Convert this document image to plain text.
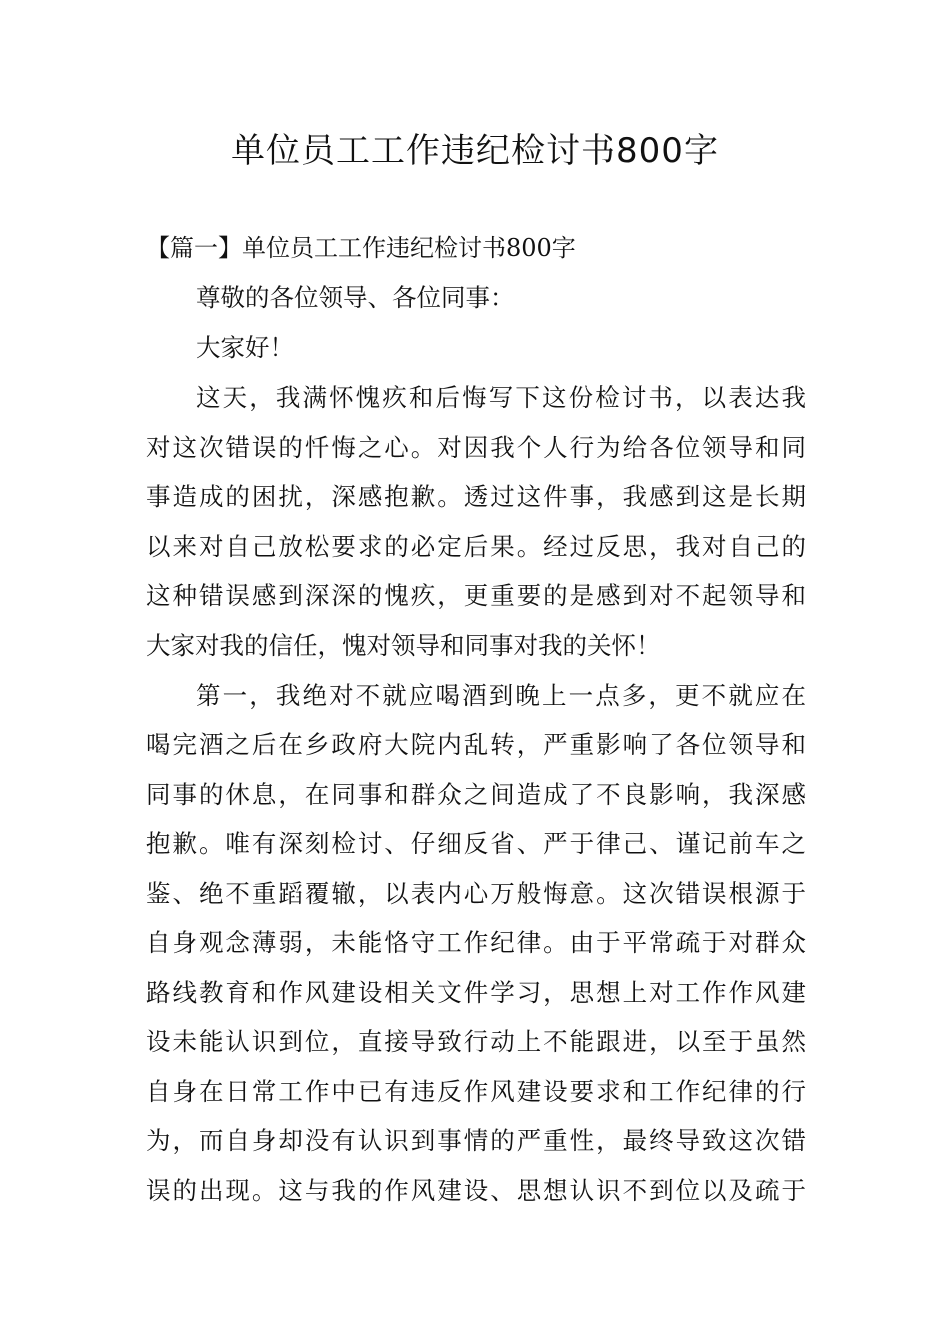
单位员工工作违纪检讨书800字

【篇一】单位员工工作违纪检讨书800字

尊敬的各位领导、各位同事：

大家好！

这天，我满怀愧疚和后悔写下这份检讨书，以表达我

对这次错误的忏悔之心。对因我个人行为给各位领导和同

事造成的困扰，深感抱歉。透过这件事，我感到这是长期

以来对自己放松要求的必定后果。经过反思，我对自己的

这种错误感到深深的愧疚，更重要的是感到对不起领导和

大家对我的信任，愧对领导和同事对我的关怀！

第一，我绝对不就应喝酒到晚上一点多，更不就应在

喝完酒之后在乡政府大院内乱转，严重影响了各位领导和

同事的休息，在同事和群众之间造成了不良影响，我深感

抱歉。唯有深刻检讨、仔细反省、严于律己、谨记前车之

鉴、绝不重蹈覆辙，以表内心万般悔意。这次错误根源于

自身观念薄弱，未能恪守工作纪律。由于平常疏于对群众

路线教育和作风建设相关文件学习，思想上对工作作风建

设未能认识到位，直接导致行动上不能跟进，以至于虽然

自身在日常工作中已有违反作风建设要求和工作纪律的行

为，而自身却没有认识到事情的严重性，最终导致这次错

误的出现。这与我的作风建设、思想认识不到位以及疏于
